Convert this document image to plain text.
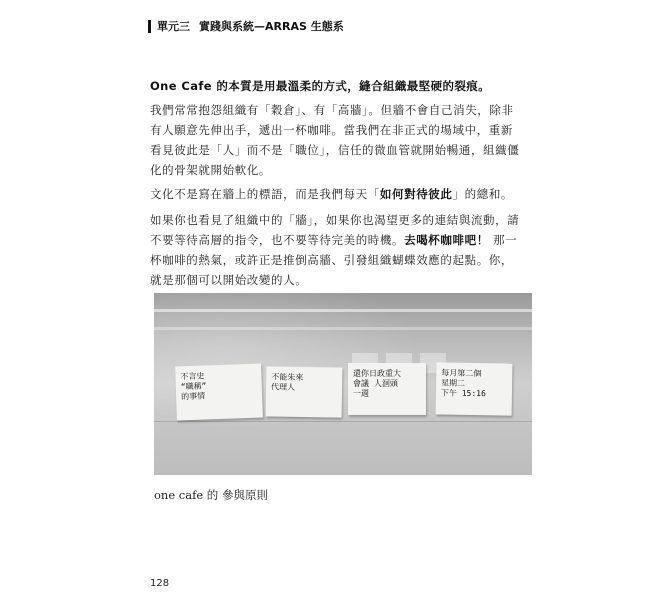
單元三 實踐與系統—ARRAS 生態系

One Cafe 的本質是用最溫柔的方式，縫合組織最堅硬的裂痕。

我們常常抱怨組織有「穀倉」、有「高牆」。但牆不會自己消失，除非有人願意先伸出手，遞出一杯咖啡。當我們在非正式的場域中，重新看見彼此是「人」而不是「職位」，信任的微血管就開始暢通，組織僵化的骨架就開始軟化。

文化不是寫在牆上的標語，而是我們每天「如何對待彼此」的總和。

如果你也看見了組織中的「牆」，如果你也渴望更多的連結與流動，請不要等待高層的指令，也不要等待完美的時機。去喝杯咖啡吧！ 那一杯咖啡的熱氣，或許正是推倒高牆、引發組織蝴蝶效應的起點。你，就是那個可以開始改變的人。

不言史
“職稱”
的事情
不能朱來
代理人
還你日政重大
會議 人洄頭
一週
每月第二個
星期二
下午 15:16
one cafe 的 參與原則
128
